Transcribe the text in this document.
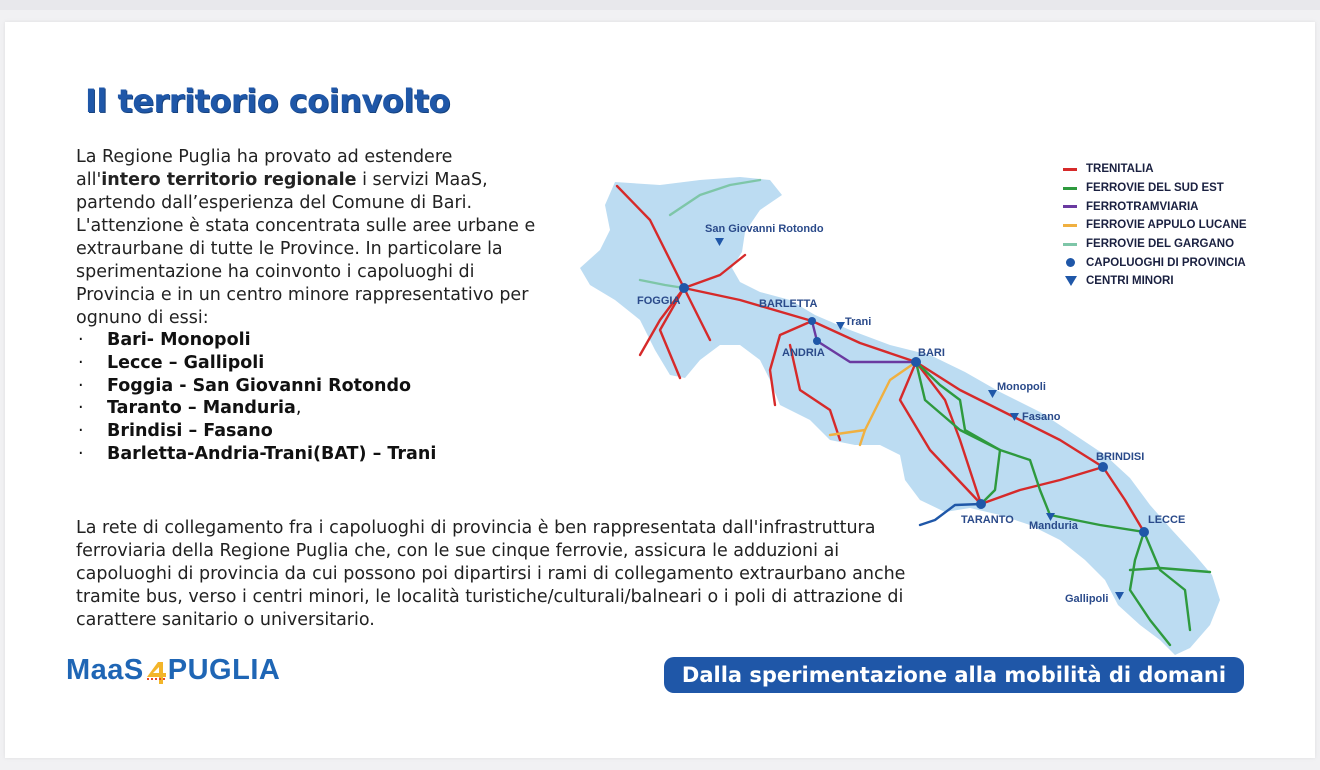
Il territorio coinvolto

La Regione Puglia ha provato ad estendere
all'intero territorio regionale i servizi MaaS,
partendo dall’esperienza del Comune di Bari. L'attenzione è stata concentrata sulle aree urbane e extraurbane di tutte le Province. In particolare la sperimentazione ha coinvonto i capoluoghi di Provincia e in un centro minore rappresentativo per ognuno di essi:

· Bari- Monopoli
· Lecce – Gallipoli
· Foggia - San Giovanni Rotondo
· Taranto – Manduria,
· Brindisi – Fasano
· Barletta-Andria-Trani(BAT) – Trani

La rete di collegamento fra i capoluoghi di provincia è ben rappresentata dall'infrastruttura ferroviaria della Regione Puglia che, con le sue cinque ferrovie, assicura le adduzioni ai capoluoghi di provincia da cui possono poi dipartirsi i rami di collegamento extraurbano anche tramite bus, verso i centri minori, le località turistiche/culturali/balneari o i poli di attrazione di carattere sanitario o universitario.

San Giovanni Rotondo
FOGGIA	BARLETTA
Trani
ANDRIA	BARI
Monopoli
Fasano
BRINDISI
TARANTO Manduria	LECCE
Gallipoli
TRENITALIA
FERROVIE DEL SUD EST
FERROTRAMVIARIA
FERROVIE APPULO LUCANE
FERROVIE DEL GARGANO
CAPOLUOGHI DI PROVINCIA
CENTRI MINORI
MaaS PUGLIA	Dalla sperimentazione alla mobilità di domani
